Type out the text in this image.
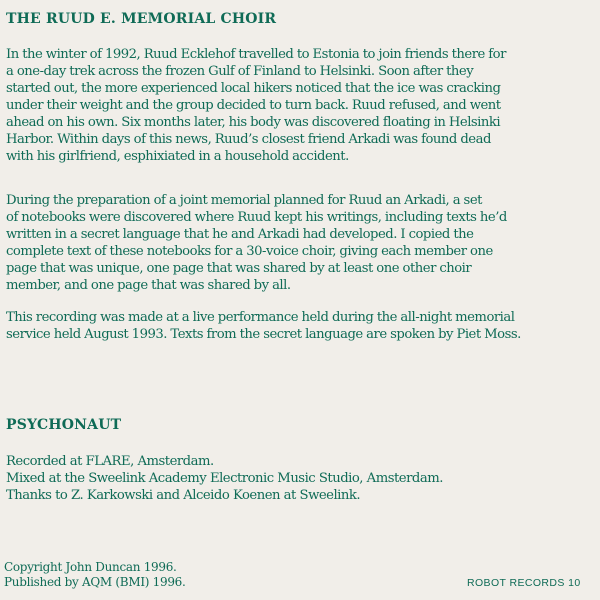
THE RUUD E. MEMORIAL CHOIR

In the winter of 1992, Ruud Ecklehof travelled to Estonia to join friends there for
a one-day trek across the frozen Gulf of Finland to Helsinki. Soon after they
started out, the more experienced local hikers noticed that the ice was cracking
under their weight and the group decided to turn back. Ruud refused, and went
ahead on his own. Six months later, his body was discovered floating in Helsinki
Harbor. Within days of this news, Ruud’s closest friend Arkadi was found dead
with his girlfriend, esphixiated in a household accident.

During the preparation of a joint memorial planned for Ruud an Arkadi, a set
of notebooks were discovered where Ruud kept his writings, including texts he’d
written in a secret language that he and Arkadi had developed. I copied the
complete text of these notebooks for a 30-voice choir, giving each member one
page that was unique, one page that was shared by at least one other choir
member, and one page that was shared by all.

This recording was made at a live performance held during the all-night memorial
service held August 1993. Texts from the secret language are spoken by Piet Moss.

PSYCHONAUT
Recorded at FLARE, Amsterdam.
Mixed at the Sweelink Academy Electronic Music Studio, Amsterdam.
Thanks to Z. Karkowski and Alceido Koenen at Sweelink.

Copyright John Duncan 1996.
Published by AQM (BMI) 1996.	ROBOT RECORDS 10
